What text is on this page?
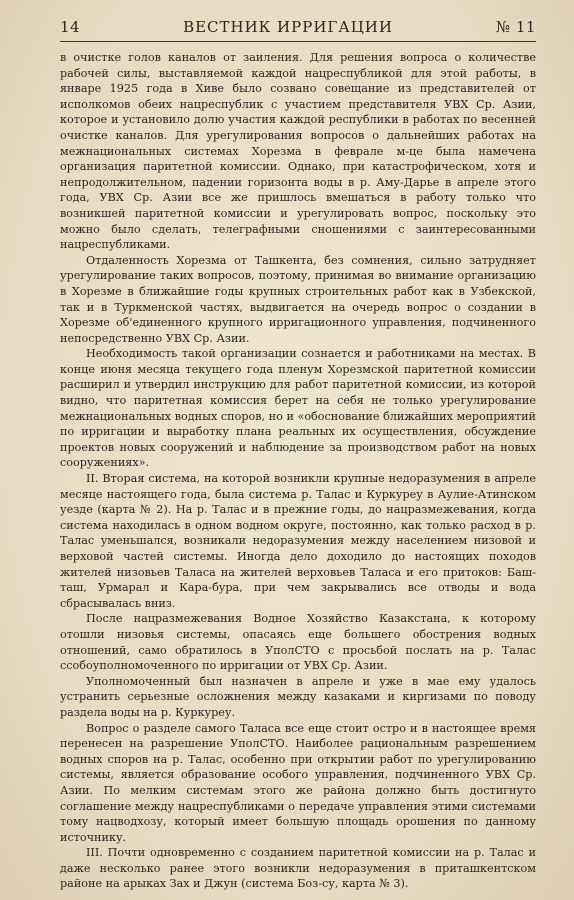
14	ВЕСТНИК ИРРИГАЦИИ	№ 11

в очистке голов каналов от заиления. Для решения вопроса о количестве рабочей силы, выставляемой каждой нацреспубликой для этой работы, в январе 1925 года в Хиве было созвано совещание из представителей от исполкомов обеих нацреспублик с участием представителя УВХ Ср. Азии, которое и установило долю участия каждой республики в работах по весенней очистке каналов. Для урегулирования вопросов о дальнейших работах на межнациональных системах Хорезма в феврале м-це была намечена организация паритетной комиссии. Однако, при катастрофическом, хотя и непродолжительном, падении горизонта воды в р. Аму-Дарье в апреле этого года, УВХ Ср. Азии все же пришлось вмешаться в работу только что возникшей паритетной комиссии и урегулировать вопрос, поскольку это можно было сделать, телеграфными сношениями с заинтересованными нацреспубликами.

Отдаленность Хорезма от Ташкента, без сомнения, сильно затрудняет урегулирование таких вопросов, поэтому, принимая во внимание организацию в Хорезме в ближайшие годы крупных строительных работ как в Узбекской, так и в Туркменской частях, выдвигается на очередь вопрос о создании в Хорезме об'единенного крупного ирригационного управления, подчиненного непосредственно УВХ Ср. Азии.

Необходимость такой организации сознается и работниками на местах. В конце июня месяца текущего года пленум Хорезмской паритетной комиссии расширил и утвердил инструкцию для работ паритетной комиссии, из которой видно, что паритетная комиссия берет на себя не только урегулирование межнациональных водных споров, но и «обоснование ближайших мероприятий по ирригации и выработку плана реальных их осуществления, обсуждение проектов новых сооружений и наблюдение за производством работ на новых сооружениях».

II. Вторая система, на которой возникли крупные недоразумения в апреле месяце настоящего года, была система р. Талас и Куркуреу в Аулие-Атинском уезде (карта № 2). На р. Талас и в прежние годы, до нацразмежевания, когда система находилась в одном водном округе, постоянно, как только расход в р. Талас уменьшался, возникали недоразумения между населением низовой и верховой частей системы. Иногда дело доходило до настоящих походов жителей низовьев Таласа на жителей верховьев Таласа и его притоков: Баш-таш, Урмарал и Кара-бура, при чем закрывались все отводы и вода сбрасывалась вниз.

После нацразмежевания Водное Хозяйство Казакстана, к которому отошли низовья системы, опасаясь еще большего обострения водных отношений, само обратилось в УполСТО с просьбой послать на р. Талас ссобоуполномоченного по ирригации от УВХ Ср. Азии.

Уполномоченный был назначен в апреле и уже в мае ему удалось устранить серьезные осложнения между казаками и киргизами по поводу раздела воды на р. Куркуреу.

Вопрос о разделе самого Таласа все еще стоит остро и в настоящее время перенесен на разрешение УполСТО. Наиболее рациональным разрешением водных споров на р. Талас, особенно при открытии работ по урегулированию системы, является образование особого управления, подчиненного УВХ Ср. Азии. По мелким системам этого же района должно быть достигнуто соглашение между нацреспубликами о передаче управления этими системами тому нацводхозу, который имеет большую площадь орошения по данному источнику.

III. Почти одновременно с созданием паритетной комиссии на р. Талас и даже несколько ранее этого возникли недоразумения в приташкентском районе на арыках Зах и Джун (система Боз-су, карта № 3).
